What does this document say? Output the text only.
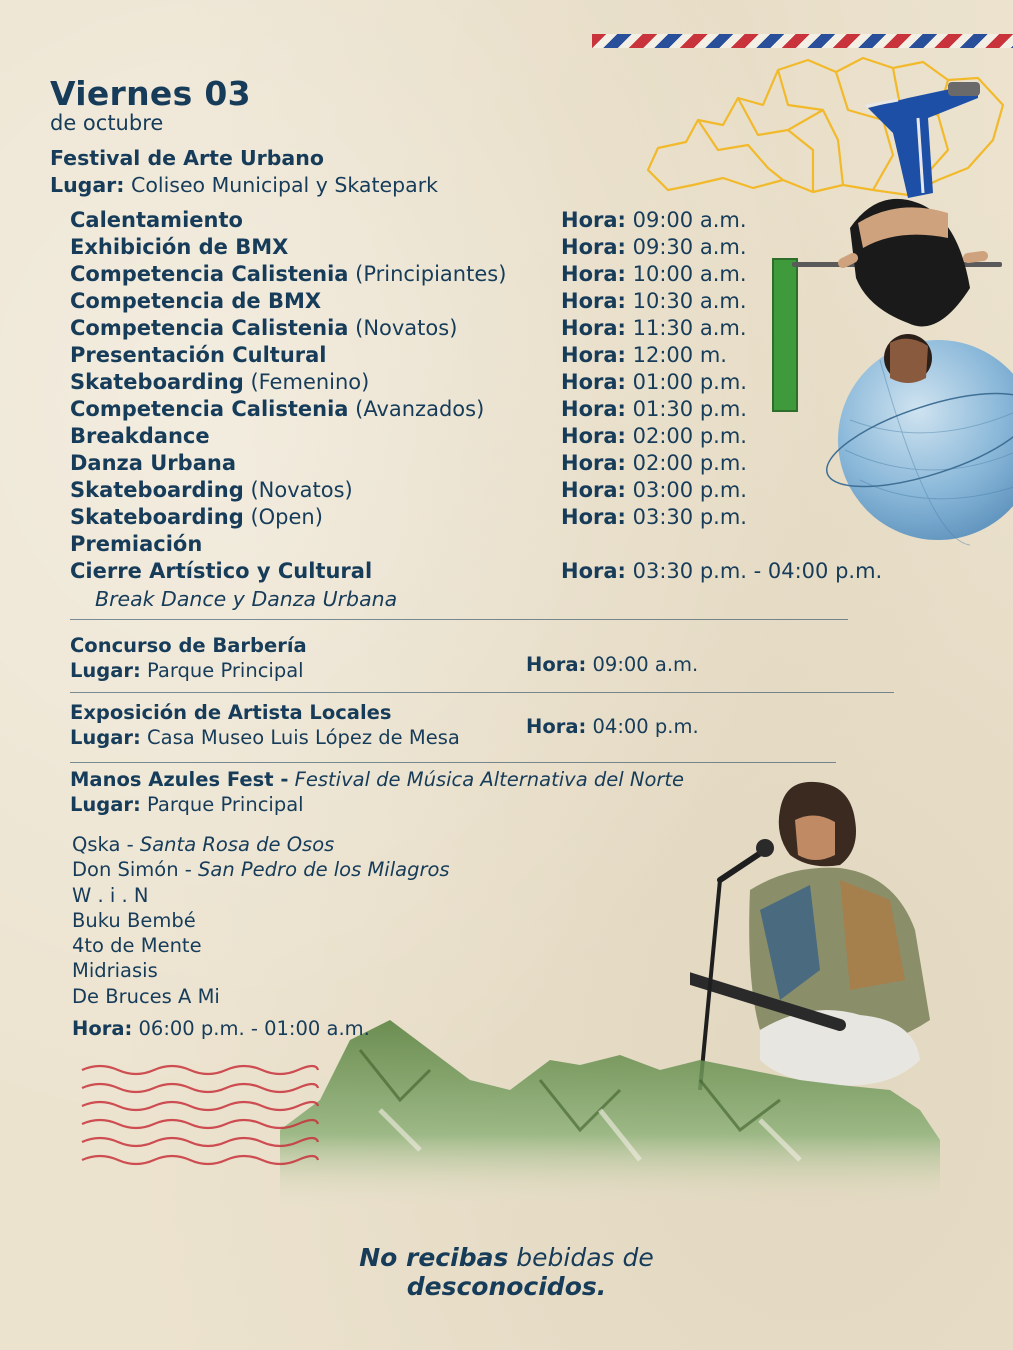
Viernes 03
de octubre
Festival de Arte Urbano
Lugar: Coliseo Municipal y Skatepark
Calentamiento	Hora: 09:00 a.m.
Exhibición de BMX	Hora: 09:30 a.m.
Competencia Calistenia (Principiantes)	Hora: 10:00 a.m.
Competencia de BMX	Hora: 10:30 a.m.
Competencia Calistenia (Novatos)	Hora: 11:30 a.m.
Presentación Cultural	Hora: 12:00 m.
Skateboarding (Femenino)	Hora: 01:00 p.m.
Competencia Calistenia (Avanzados)	Hora: 01:30 p.m.
Breakdance	Hora: 02:00 p.m.
Danza Urbana	Hora: 02:00 p.m.
Skateboarding (Novatos)	Hora: 03:00 p.m.
Skateboarding (Open)	Hora: 03:30 p.m.
Premiación
Cierre Artístico y Cultural	Hora: 03:30 p.m. - 04:00 p.m.
Break Dance y Danza Urbana
Concurso de Barbería
Lugar: Parque Principal	Hora: 09:00 a.m.
Exposición de Artista Locales
Lugar: Casa Museo Luis López de Mesa	Hora: 04:00 p.m.
Manos Azules Fest - Festival de Música Alternativa del Norte
Lugar: Parque Principal
Qska - Santa Rosa de Osos
Don Simón - San Pedro de los Milagros
W . i . N
Buku Bembé
4to de Mente
Midriasis
De Bruces A Mi
Hora: 06:00 p.m. - 01:00 a.m.
No recibas bebidas de
desconocidos.
